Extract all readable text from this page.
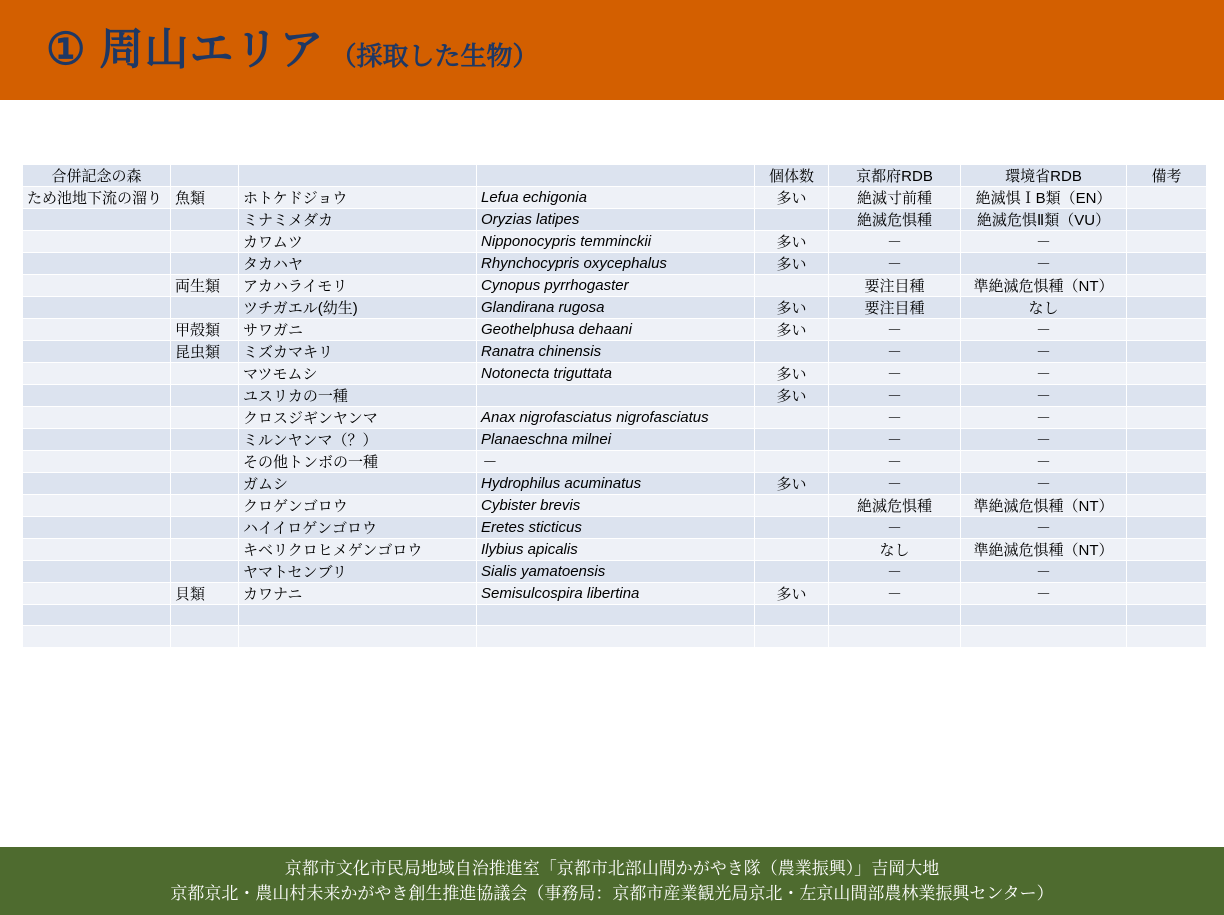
① 周山エリア （採取した生物）
合併記念の森				個体数	京都府RDB	環境省RDB	備考
ため池地下流の溜り	魚類	ホトケドジョウ	Lefua echigonia	多い	絶滅寸前種	絶滅惧ＩB類（EN）	
		ミナミメダカ	Oryzias latipes		絶滅危惧種	絶滅危惧Ⅱ類（VU）	
		カワムツ	Nipponocypris temminckii	多い	－	－	
		タカハヤ	Rhynchocypris oxycephalus	多い	－	－	
	両生類	アカハライモリ	Cynopus pyrrhogaster		要注目種	準絶滅危惧種（NT）	
		ツチガエル(幼生)	Glandirana rugosa	多い	要注目種	なし	
	甲殻類	サワガニ	Geothelphusa dehaani	多い	－	－	
	昆虫類	ミズカマキリ	Ranatra chinensis		－	－	
		マツモムシ	Notonecta triguttata	多い	－	－	
		ユスリカの一種		多い	－	－	
		クロスジギンヤンマ	Anax nigrofasciatus nigrofasciatus		－	－	
		ミルンヤンマ（？）	Planaeschna milnei		－	－	
		その他トンボの一種	－		－	－	
		ガムシ	Hydrophilus acuminatus	多い	－	－	
		クロゲンゴロウ	Cybister brevis		絶滅危惧種	準絶滅危惧種（NT）	
		ハイイロゲンゴロウ	Eretes sticticus		－	－	
		キベリクロヒメゲンゴロウ	Ilybius apicalis		なし	準絶滅危惧種（NT）	
		ヤマトセンブリ	Sialis yamatoensis		－	－	
	貝類	カワナニ	Semisulcospira libertina	多い	－	－	

京都市文化市民局地域自治推進室「京都市北部山間かがやき隊（農業振興）」吉岡大地
京都京北・農山村未来かがやき創生推進協議会（事務局：京都市産業観光局京北・左京山間部農林業振興センター）
